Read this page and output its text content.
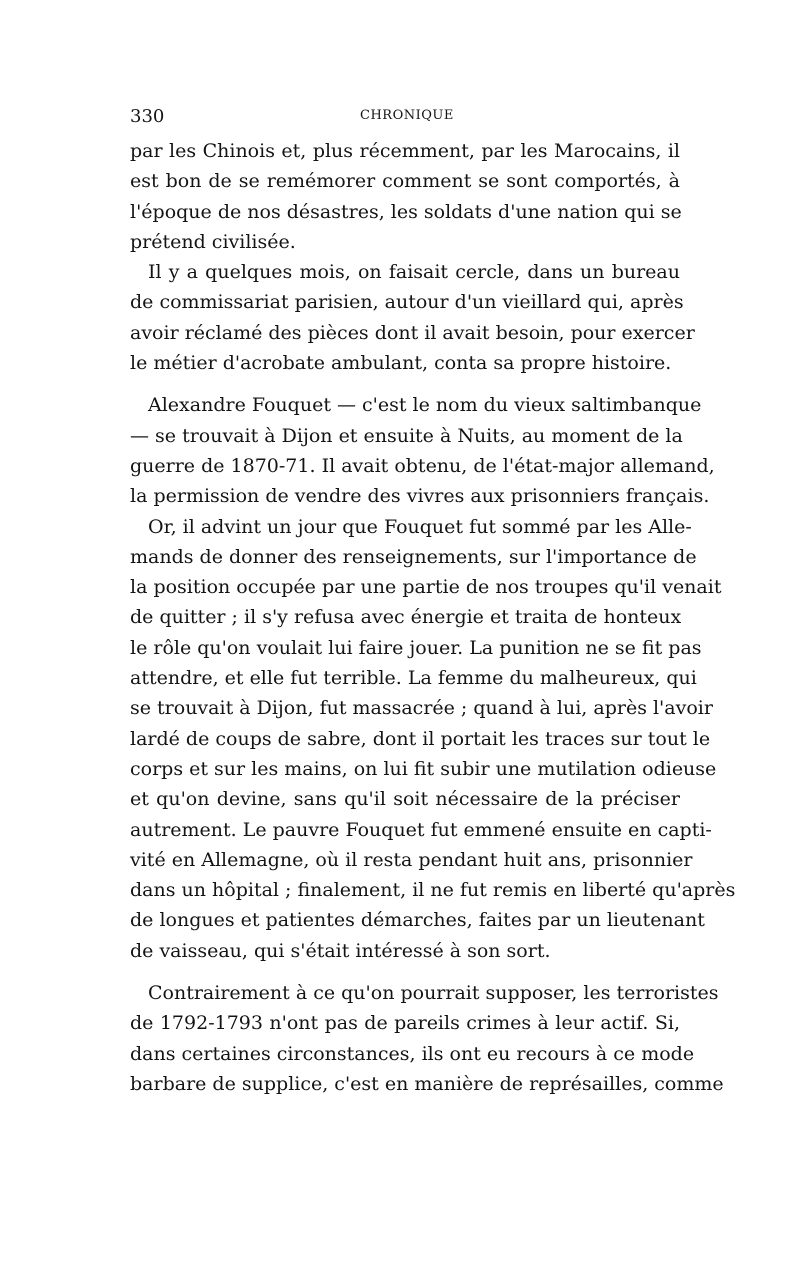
330	CHRONIQUE
par les Chinois et, plus récemment, par les Marocains, il
est bon de se remémorer comment se sont comportés, à
l'époque de nos désastres, les soldats d'une nation qui se
prétend civilisée.
Il y a quelques mois, on faisait cercle, dans un bureau
de commissariat parisien, autour d'un vieillard qui, après
avoir réclamé des pièces dont il avait besoin, pour exercer
le métier d'acrobate ambulant, conta sa propre histoire.
Alexandre Fouquet — c'est le nom du vieux saltimbanque
— se trouvait à Dijon et ensuite à Nuits, au moment de la
guerre de 1870-71. Il avait obtenu, de l'état-major allemand,
la permission de vendre des vivres aux prisonniers français.
Or, il advint un jour que Fouquet fut sommé par les Alle-
mands de donner des renseignements, sur l'importance de
la position occupée par une partie de nos troupes qu'il venait
de quitter ; il s'y refusa avec énergie et traita de honteux
le rôle qu'on voulait lui faire jouer. La punition ne se fit pas
attendre, et elle fut terrible. La femme du malheureux, qui
se trouvait à Dijon, fut massacrée ; quand à lui, après l'avoir
lardé de coups de sabre, dont il portait les traces sur tout le
corps et sur les mains, on lui fit subir une mutilation odieuse
et qu'on devine, sans qu'il soit nécessaire de la préciser
autrement. Le pauvre Fouquet fut emmené ensuite en capti-
vité en Allemagne, où il resta pendant huit ans, prisonnier
dans un hôpital ; finalement, il ne fut remis en liberté qu'après
de longues et patientes démarches, faites par un lieutenant
de vaisseau, qui s'était intéressé à son sort.
Contrairement à ce qu'on pourrait supposer, les terroristes
de 1792-1793 n'ont pas de pareils crimes à leur actif. Si,
dans certaines circonstances, ils ont eu recours à ce mode
barbare de supplice, c'est en manière de représailles, comme
